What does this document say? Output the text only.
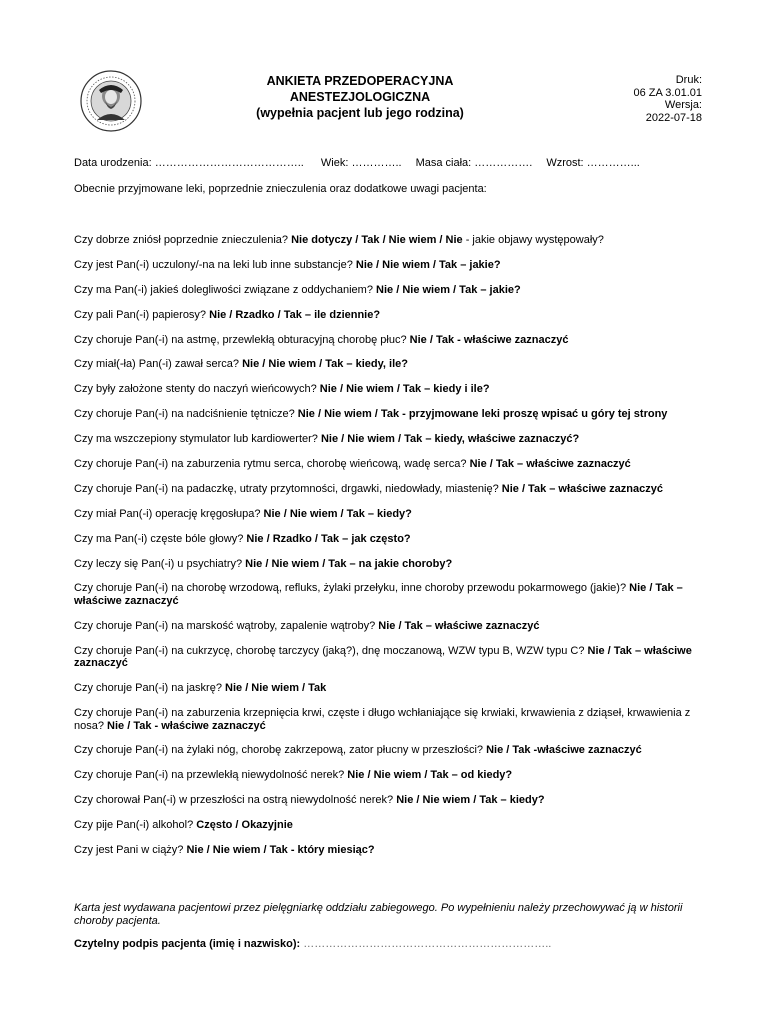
ANKIETA PRZEDOPERACYJNA
ANESTEZJOLOGICZNA
(wypełnia pacjent lub jego rodzina)
Druk:
06 ZA 3.01.01
Wersja:
2022-07-18
Data urodzenia: ………………………………….. Wiek: ………….. Masa ciała: ……………. Wzrost: …………...
Obecnie przyjmowane leki, poprzednie znieczulenia oraz dodatkowe uwagi pacjenta:
Czy dobrze zniósł poprzednie znieczulenia? Nie dotyczy / Tak / Nie wiem / Nie - jakie objawy występowały?
Czy jest Pan(-i) uczulony/-na na leki lub inne substancje? Nie / Nie wiem / Tak – jakie?
Czy ma Pan(-i) jakieś dolegliwości związane z oddychaniem? Nie / Nie wiem / Tak – jakie?
Czy pali Pan(-i) papierosy? Nie / Rzadko / Tak – ile dziennie?
Czy choruje Pan(-i) na astmę, przewlekłą obturacyjną chorobę płuc? Nie / Tak - właściwe zaznaczyć
Czy miał(-ła) Pan(-i) zawał serca? Nie / Nie wiem / Tak – kiedy, ile?
Czy były założone stenty do naczyń wieńcowych? Nie / Nie wiem / Tak – kiedy i ile?
Czy choruje Pan(-i) na nadciśnienie tętnicze? Nie / Nie wiem / Tak - przyjmowane leki proszę wpisać u góry tej strony
Czy ma wszczepiony stymulator lub kardiowerter? Nie / Nie wiem / Tak – kiedy, właściwe zaznaczyć?
Czy choruje Pan(-i) na zaburzenia rytmu serca, chorobę wieńcową, wadę serca? Nie / Tak – właściwe zaznaczyć
Czy choruje Pan(-i) na padaczkę, utraty przytomności, drgawki, niedowłady, miastenię? Nie / Tak – właściwe zaznaczyć
Czy miał Pan(-i) operację kręgosłupa? Nie / Nie wiem / Tak – kiedy?
Czy ma Pan(-i) częste bóle głowy? Nie / Rzadko / Tak – jak często?
Czy leczy się Pan(-i) u psychiatry? Nie / Nie wiem / Tak – na jakie choroby?
Czy choruje Pan(-i) na chorobę wrzodową, refluks, żylaki przełyku, inne choroby przewodu pokarmowego (jakie)? Nie / Tak – właściwe zaznaczyć
Czy choruje Pan(-i) na marskość wątroby, zapalenie wątroby? Nie / Tak – właściwe zaznaczyć
Czy choruje Pan(-i) na cukrzycę, chorobę tarczycy (jaką?), dnę moczanową, WZW typu B, WZW typu C? Nie / Tak – właściwe zaznaczyć
Czy choruje Pan(-i) na jaskrę? Nie / Nie wiem / Tak
Czy choruje Pan(-i) na zaburzenia krzepnięcia krwi, częste i długo wchłaniające się krwiaki, krwawienia z dziąseł, krwawienia z nosa? Nie / Tak - właściwe zaznaczyć
Czy choruje Pan(-i) na żylaki nóg, chorobę zakrzepową, zator płucny w przeszłości? Nie / Tak -właściwe zaznaczyć
Czy choruje Pan(-i) na przewlekłą niewydolność nerek? Nie / Nie wiem / Tak – od kiedy?
Czy chorował Pan(-i) w przeszłości na ostrą niewydolność nerek? Nie / Nie wiem / Tak – kiedy?
Czy pije Pan(-i) alkohol? Często / Okazyjnie
Czy jest Pani w ciąży? Nie / Nie wiem / Tak - który miesiąc?
Karta jest wydawana pacjentowi przez pielęgniarkę oddziału zabiegowego. Po wypełnieniu należy przechowywać ją w historii choroby pacjenta.
Czytelny podpis pacjenta (imię i nazwisko): …………………………………………………………..
